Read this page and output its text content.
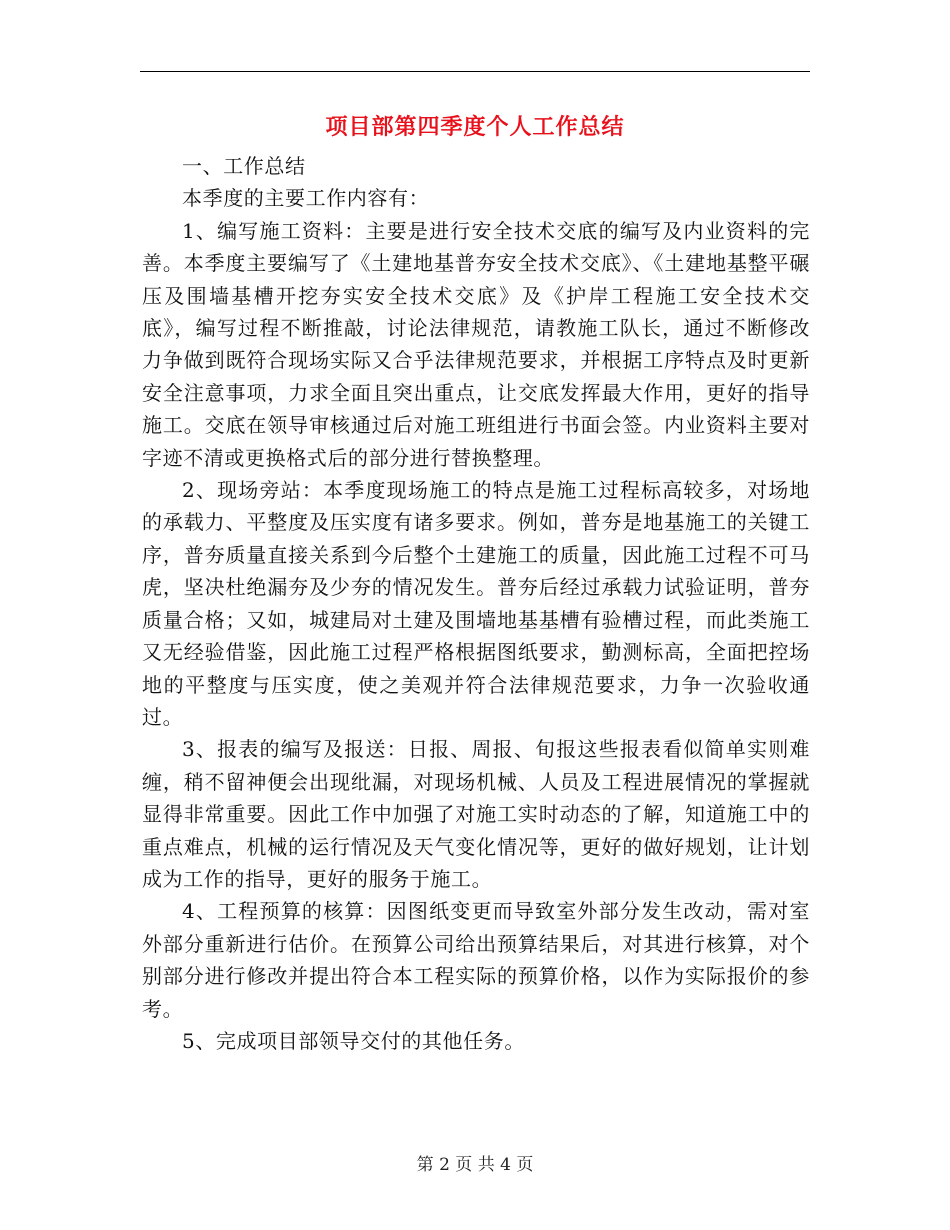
项目部第四季度个人工作总结

一、工作总结

本季度的主要工作内容有：

1、编写施工资料：主要是进行安全技术交底的编写及内业资料的完善。本季度主要编写了《土建地基普夯安全技术交底》、《土建地基整平碾压及围墙基槽开挖夯实安全技术交底》及《护岸工程施工安全技术交底》，编写过程不断推敲，讨论法律规范，请教施工队长，通过不断修改力争做到既符合现场实际又合乎法律规范要求，并根据工序特点及时更新安全注意事项，力求全面且突出重点，让交底发挥最大作用，更好的指导施工。交底在领导审核通过后对施工班组进行书面会签。内业资料主要对字迹不清或更换格式后的部分进行替换整理。

2、现场旁站：本季度现场施工的特点是施工过程标高较多，对场地的承载力、平整度及压实度有诸多要求。例如，普夯是地基施工的关键工序，普夯质量直接关系到今后整个土建施工的质量，因此施工过程不可马虎，坚决杜绝漏夯及少夯的情况发生。普夯后经过承载力试验证明，普夯质量合格；又如，城建局对土建及围墙地基基槽有验槽过程，而此类施工又无经验借鉴，因此施工过程严格根据图纸要求，勤测标高，全面把控场地的平整度与压实度，使之美观并符合法律规范要求，力争一次验收通过。

3、报表的编写及报送：日报、周报、旬报这些报表看似简单实则难缠，稍不留神便会出现纰漏，对现场机械、人员及工程进展情况的掌握就显得非常重要。因此工作中加强了对施工实时动态的了解，知道施工中的重点难点，机械的运行情况及天气变化情况等，更好的做好规划，让计划成为工作的指导，更好的服务于施工。

4、工程预算的核算：因图纸变更而导致室外部分发生改动，需对室外部分重新进行估价。在预算公司给出预算结果后，对其进行核算，对个别部分进行修改并提出符合本工程实际的预算价格，以作为实际报价的参考。

5、完成项目部领导交付的其他任务。

第 2 页 共 4 页
